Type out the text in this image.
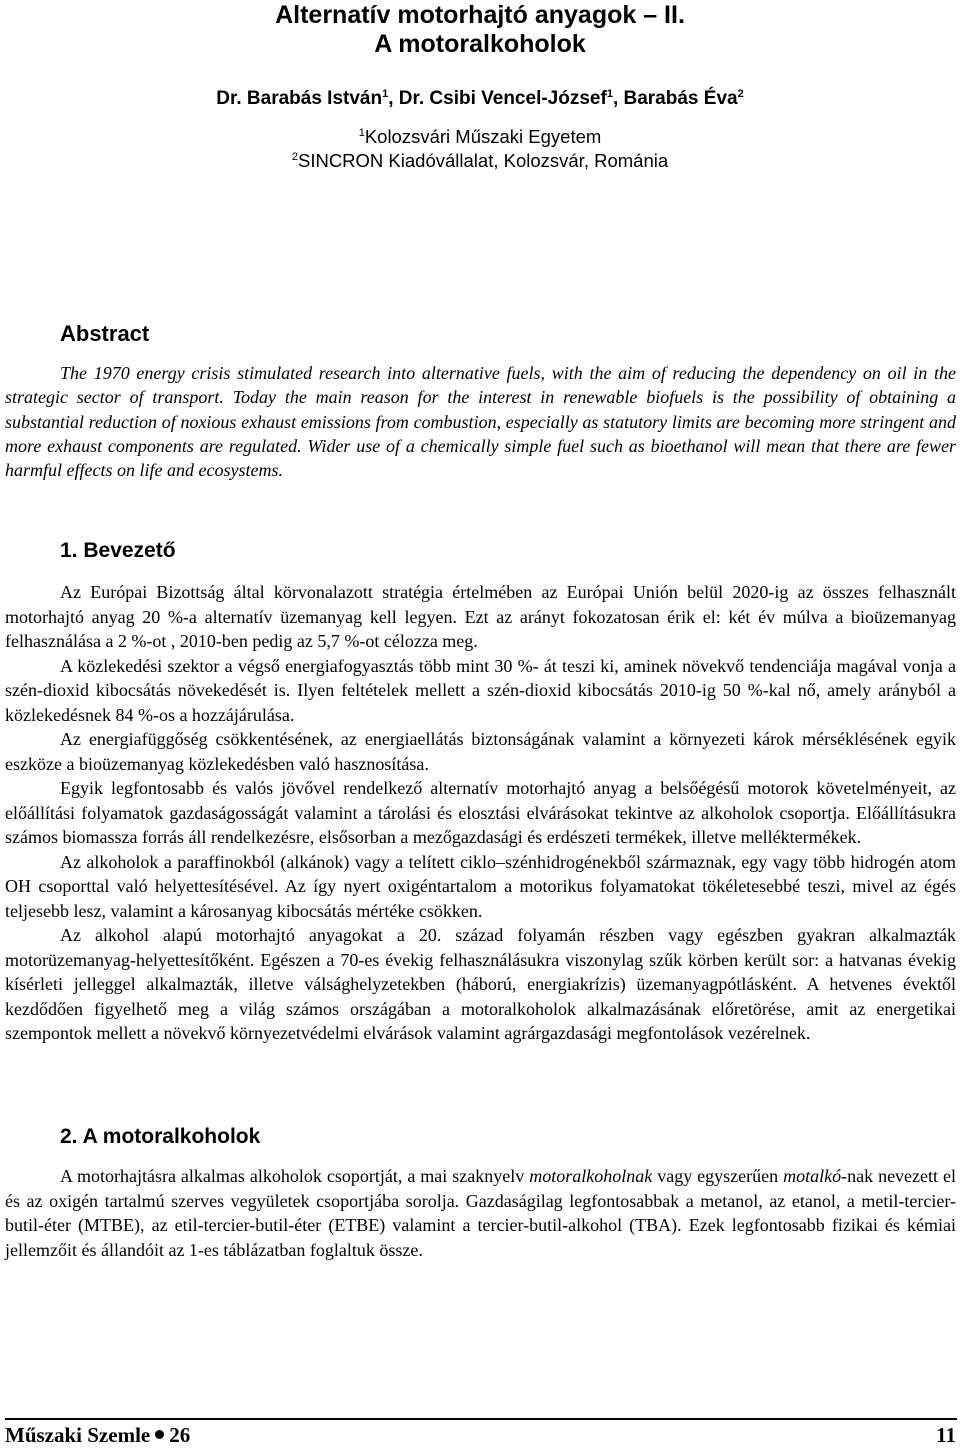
Alternatív motorhajtó anyagok – II.
A motoralkoholok
Dr. Barabás István$^1$, Dr. Csibi Vencel-József$^1$, Barabás Éva$^2$
$^1$Kolozsvári Műszaki Egyetem
$^2$SINCRON Kiadóvállalat, Kolozsvár, Románia
Abstract
The 1970 energy crisis stimulated research into alternative fuels, with the aim of reducing the dependency on oil in the strategic sector of transport. Today the main reason for the interest in renewable biofuels is the possibility of obtaining a substantial reduction of noxious exhaust emissions from combustion, especially as statutory limits are becoming more stringent and more exhaust components are regulated. Wider use of a chemically simple fuel such as bioethanol will mean that there are fewer harmful effects on life and ecosystems.
1. Bevezető

Az Európai Bizottság által körvonalazott stratégia értelmében az Európai Unión belül 2020-ig az összes felhasznált motorhajtó anyag 20 %-a alternatív üzemanyag kell legyen. Ezt az arányt fokozatosan érik el: két év múlva a bioüzemanyag felhasználása a 2 %-ot , 2010-ben pedig az 5,7 %-ot célozza meg.

A közlekedési szektor a végső energiafogyasztás több mint 30 %- át teszi ki, aminek növekvő tendenciája magával vonja a szén-dioxid kibocsátás növekedését is. Ilyen feltételek mellett a szén-dioxid kibocsátás 2010-ig 50 %-kal nő, amely arányból a közlekedésnek 84 %-os a hozzájárulása.

Az energiafüggőség csökkentésének, az energiaellátás biztonságának valamint a környezeti károk mérséklésének egyik eszköze a bioüzemanyag közlekedésben való hasznosítása.

Egyik legfontosabb és valós jövővel rendelkező alternatív motorhajtó anyag a belsőégésű motorok követelményeit, az előállítási folyamatok gazdaságosságát valamint a tárolási és elosztási elvárásokat tekintve az alkoholok csoportja. Előállításukra számos biomassza forrás áll rendelkezésre, elsősorban a mezőgazdasági és erdészeti termékek, illetve melléktermékek.

Az alkoholok a paraffinokból (alkánok) vagy a telített ciklo–szénhidrogénekből származnak, egy vagy több hidrogén atom OH csoporttal való helyettesítésével. Az így nyert oxigéntartalom a motorikus folyamatokat tökéletesebbé teszi, mivel az égés teljesebb lesz, valamint a károsanyag kibocsátás mértéke csökken.

Az alkohol alapú motorhajtó anyagokat a 20. század folyamán részben vagy egészben gyakran alkalmazták motorüzemanyag-helyettesítőként. Egészen a 70-es évekig felhasználásukra viszonylag szűk körben került sor: a hatvanas évekig kísérleti jelleggel alkalmazták, illetve válsághelyzetekben (háború, energiakrízis) üzemanyagpótlásként. A hetvenes évektől kezdődően figyelhető meg a világ számos országában a motoralkoholok alkalmazásának előretörése, amit az energetikai szempontok mellett a növekvő környezetvédelmi elvárások valamint agrárgazdasági megfontolások vezérelnek.

2. A motoralkoholok

A motorhajtásra alkalmas alkoholok csoportját, a mai szaknyelv motoralkoholnak vagy egyszerűen motalkó-nak nevezett el és az oxigén tartalmú szerves vegyületek csoportjába sorolja. Gazdaságilag legfontosabbak a metanol, az etanol, a metil-tercier-butil-éter (MTBE), az etil-tercier-butil-éter (ETBE) valamint a tercier-butil-alkohol (TBA). Ezek legfontosabb fizikai és kémiai jellemzőit és állandóit az 1-es táblázatban foglaltuk össze.

Műszaki Szemle 26	11
